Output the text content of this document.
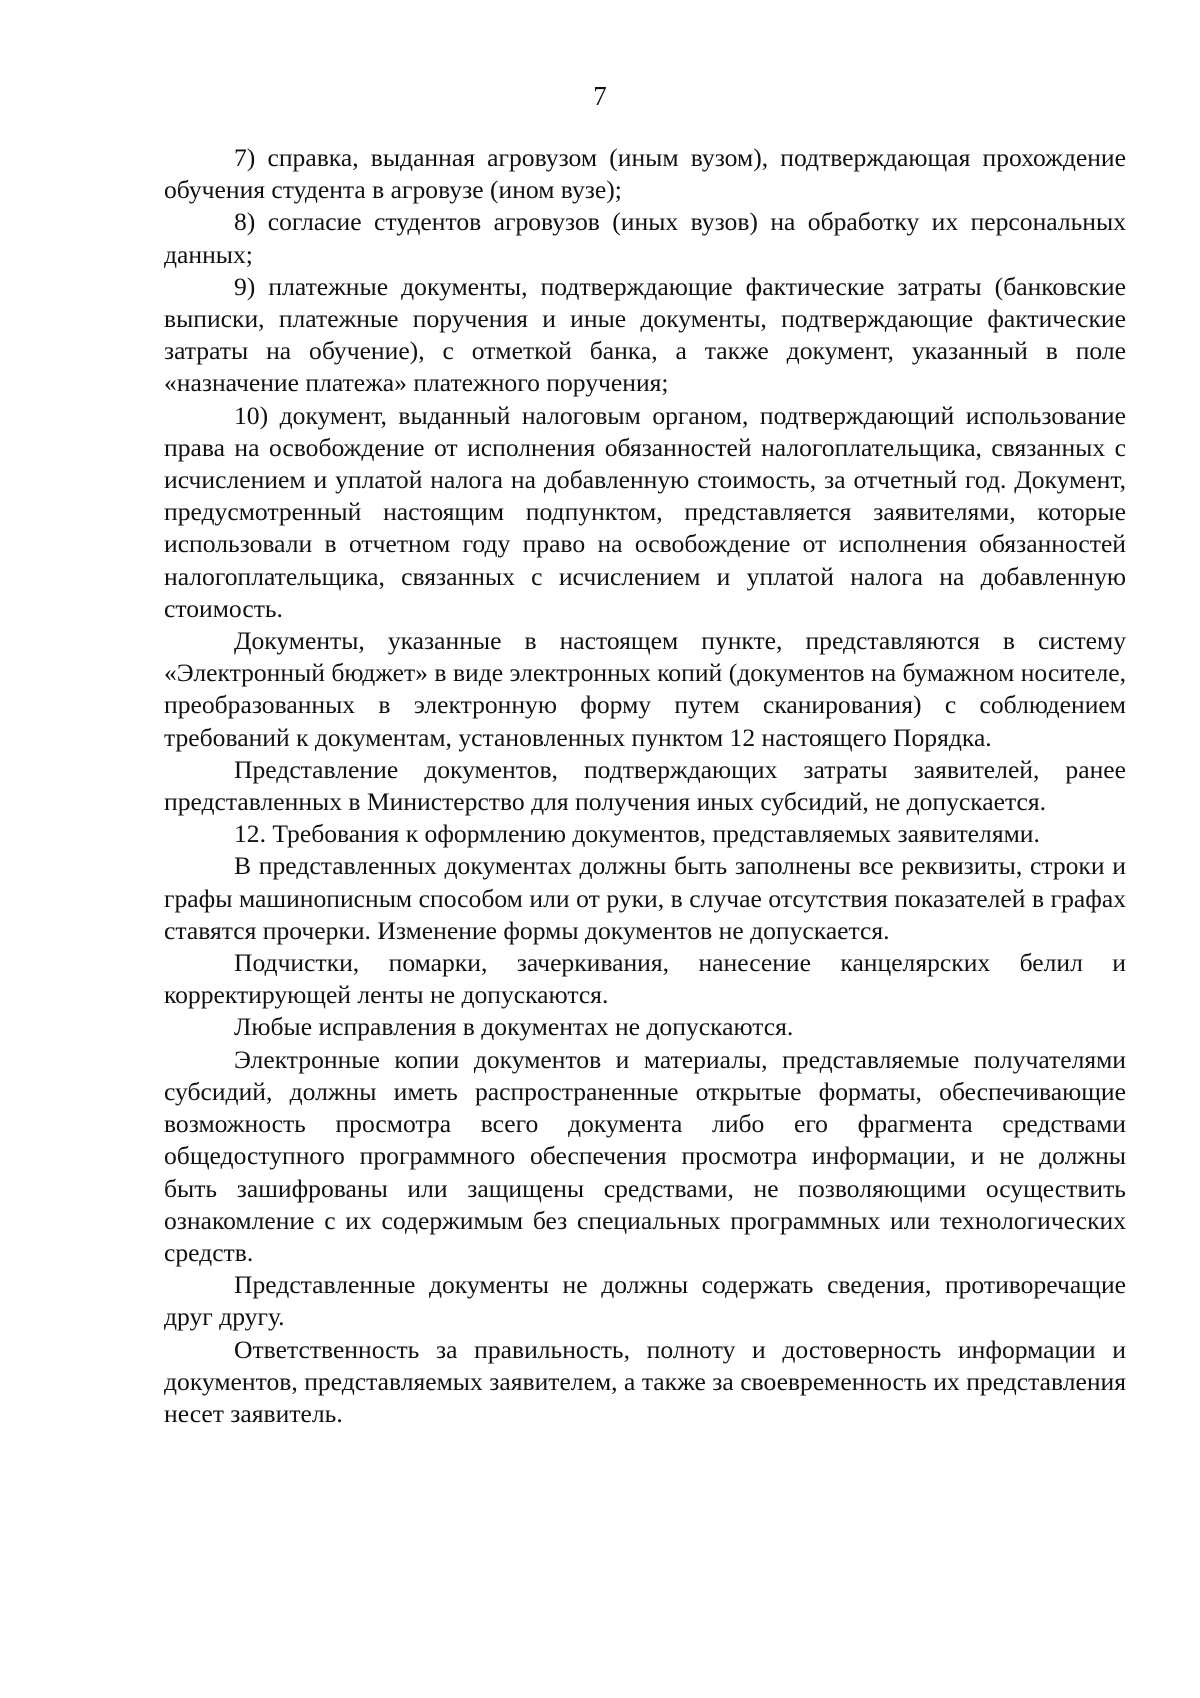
7

7) справка, выданная агровузом (иным вузом), подтверждающая прохождение обучения студента в агровузе (ином вузе);

8) согласие студентов агровузов (иных вузов) на обработку их персональных данных;

9) платежные документы, подтверждающие фактические затраты (банковские выписки, платежные поручения и иные документы, подтверждающие фактические затраты на обучение), с отметкой банка, а также документ, указанный в поле «назначение платежа» платежного поручения;

10) документ, выданный налоговым органом, подтверждающий использование права на освобождение от исполнения обязанностей налогоплательщика, связанных с исчислением и уплатой налога на добавленную стоимость, за отчетный год. Документ, предусмотренный настоящим подпунктом, представляется заявителями, которые использовали в отчетном году право на освобождение от исполнения обязанностей налогоплательщика, связанных с исчислением и уплатой налога на добавленную стоимость.

Документы, указанные в настоящем пункте, представляются в систему «Электронный бюджет» в виде электронных копий (документов на бумажном носителе, преобразованных в электронную форму путем сканирования) с соблюдением требований к документам, установленных пунктом 12 настоящего Порядка.

Представление документов, подтверждающих затраты заявителей, ранее представленных в Министерство для получения иных субсидий, не допускается.

12. Требования к оформлению документов, представляемых заявителями.

В представленных документах должны быть заполнены все реквизиты, строки и графы машинописным способом или от руки, в случае отсутствия показателей в графах ставятся прочерки. Изменение формы документов не допускается.

Подчистки, помарки, зачеркивания, нанесение канцелярских белил и корректирующей ленты не допускаются.

Любые исправления в документах не допускаются.

Электронные копии документов и материалы, представляемые получателями субсидий, должны иметь распространенные открытые форматы, обеспечивающие возможность просмотра всего документа либо его фрагмента средствами общедоступного программного обеспечения просмотра информации, и не должны быть зашифрованы или защищены средствами, не позволяющими осуществить ознакомление с их содержимым без специальных программных или технологических средств.

Представленные документы не должны содержать сведения, противоречащие друг другу.

Ответственность за правильность, полноту и достоверность информации и документов, представляемых заявителем, а также за своевременность их представления несет заявитель.
